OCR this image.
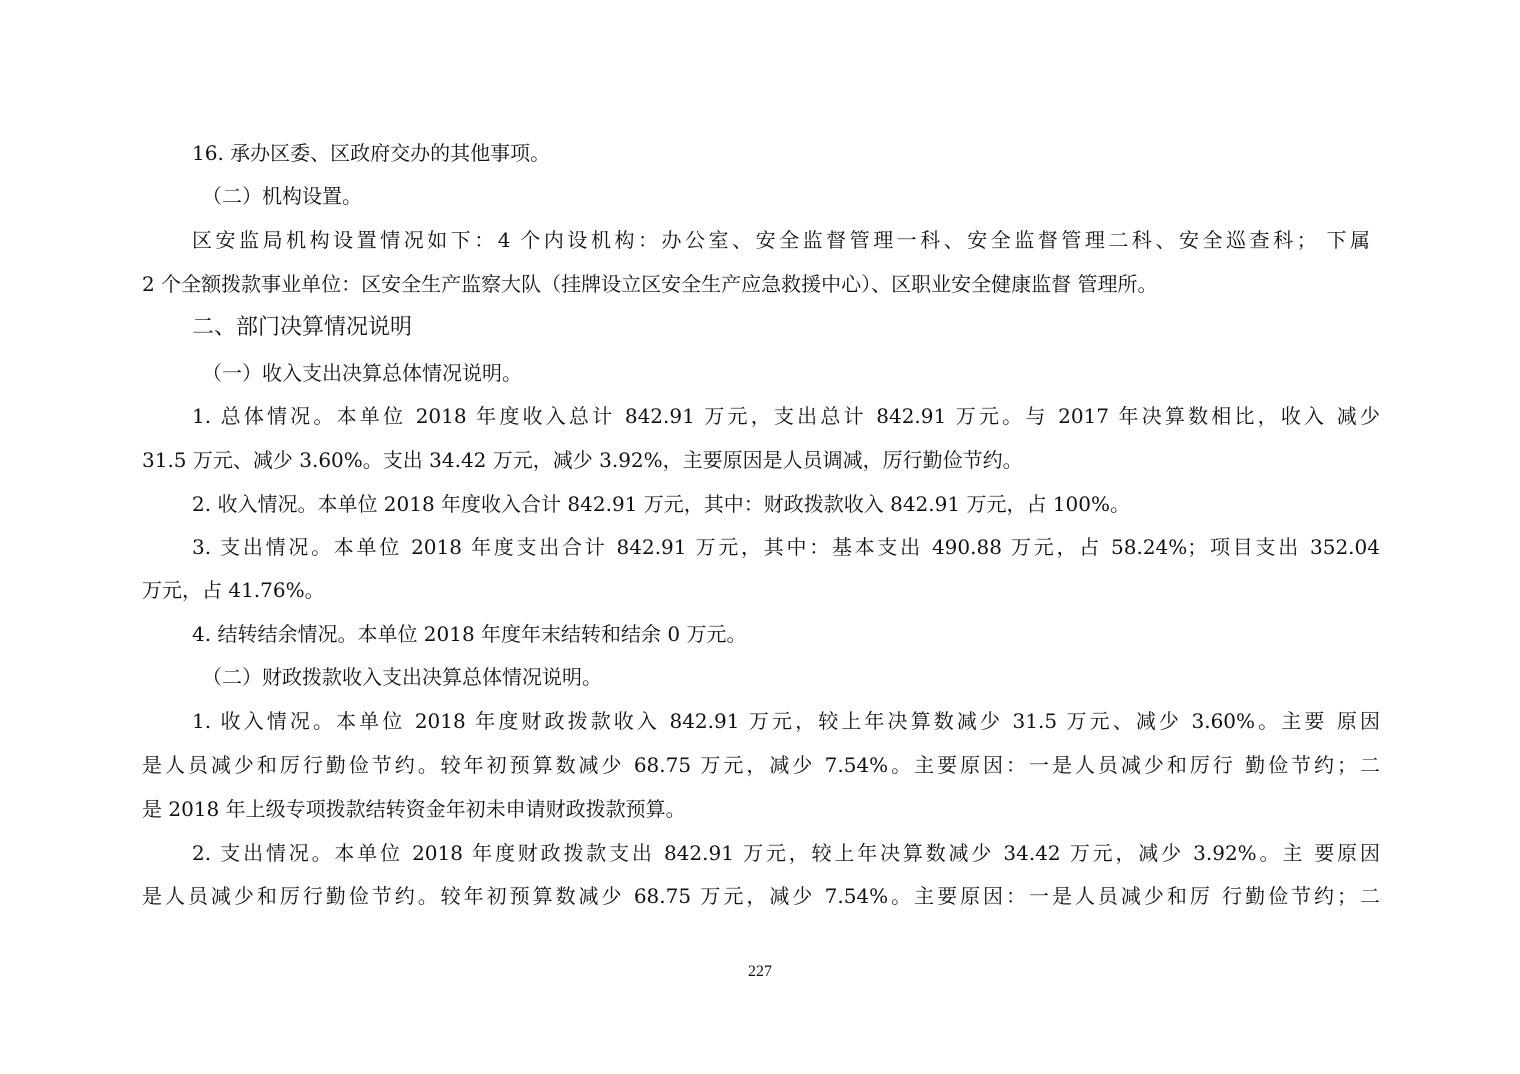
16. 承办区委、区政府交办的其他事项。
（二）机构设置。
区安监局机构设置情况如下：4 个内设机构：办公室、安全监督管理一科、安全监督管理二科、安全巡查科； 下属
2 个全额拨款事业单位：区安全生产监察大队（挂牌设立区安全生产应急救援中心）、区职业安全健康监督 管理所。
二、部门决算情况说明
（一）收入支出决算总体情况说明。
1. 总体情况。本单位 2018 年度收入总计 842.91 万元，支出总计 842.91 万元。与 2017 年决算数相比，收入 减少
31.5 万元、减少 3.60%。支出 34.42 万元，减少 3.92%，主要原因是人员调减，厉行勤俭节约。
2. 收入情况。本单位 2018 年度收入合计 842.91 万元，其中：财政拨款收入 842.91 万元，占 100%。
3. 支出情况。本单位 2018 年度支出合计 842.91 万元，其中：基本支出 490.88 万元，占 58.24%；项目支出 352.04
万元，占 41.76%。
4. 结转结余情况。本单位 2018 年度年末结转和结余 0 万元。
（二）财政拨款收入支出决算总体情况说明。
1. 收入情况。本单位 2018 年度财政拨款收入 842.91 万元，较上年决算数减少 31.5 万元、减少 3.60%。主要 原因
是人员减少和厉行勤俭节约。较年初预算数减少 68.75 万元，减少 7.54%。主要原因：一是人员减少和厉行 勤俭节约；二
是 2018 年上级专项拨款结转资金年初未申请财政拨款预算。
2. 支出情况。本单位 2018 年度财政拨款支出 842.91 万元，较上年决算数减少 34.42 万元，减少 3.92%。主 要原因
是人员减少和厉行勤俭节约。较年初预算数减少 68.75 万元，减少 7.54%。主要原因：一是人员减少和厉 行勤俭节约；二
227
